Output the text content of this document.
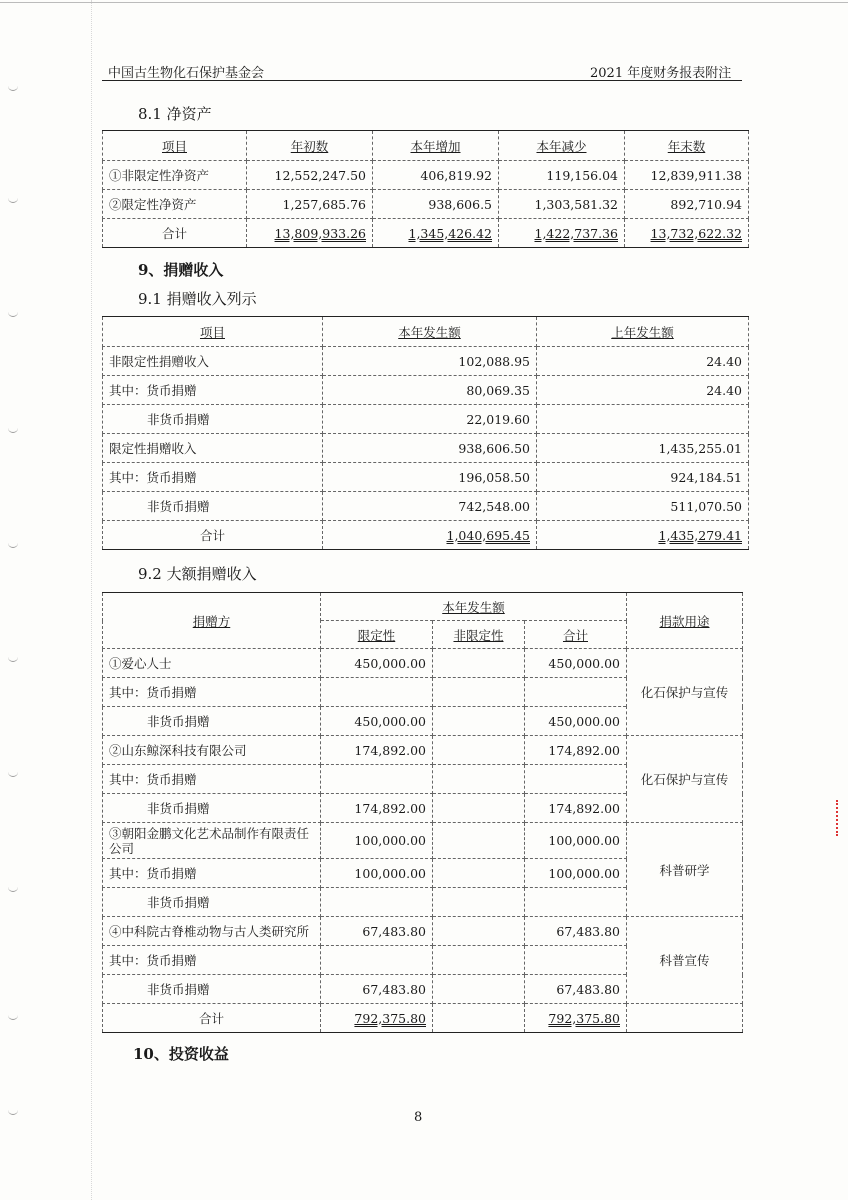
中国古生物化石保护基金会	2021 年度财务报表附注
8.1 净资产
项目	年初数	本年增加	本年减少	年末数
①非限定性净资产	12,552,247.50	406,819.92	119,156.04	12,839,911.38
②限定性净资产	1,257,685.76	938,606.5	1,303,581.32	892,710.94
合计	13,809,933.26	1,345,426.42	1,422,737.36	13,732,622.32
9、捐赠收入
9.1 捐赠收入列示
项目	本年发生额	上年发生额
非限定性捐赠收入	102,088.95	24.40
其中：货币捐赠	80,069.35	24.40
非货币捐赠	22,019.60	
限定性捐赠收入	938,606.50	1,435,255.01
其中：货币捐赠	196,058.50	924,184.51
非货币捐赠	742,548.00	511,070.50
合计	1,040,695.45	1,435,279.41
9.2 大额捐赠收入
捐赠方	本年发生额			捐款用途
	限定性	非限定性	合计	
①爱心人士	450,000.00		450,000.00	化石保护与宣传
其中：货币捐赠				
非货币捐赠	450,000.00		450,000.00	
②山东鲸深科技有限公司	174,892.00		174,892.00	化石保护与宣传
其中：货币捐赠				
非货币捐赠	174,892.00		174,892.00	
③朝阳金鹏文化艺术品制作有限责任公司	100,000.00		100,000.00	科普研学
其中：货币捐赠	100,000.00		100,000.00	
非货币捐赠				
④中科院古脊椎动物与古人类研究所	67,483.80		67,483.80	科普宣传
其中：货币捐赠				
非货币捐赠	67,483.80		67,483.80	
合计	792,375.80		792,375.80	
10、投资收益
8
